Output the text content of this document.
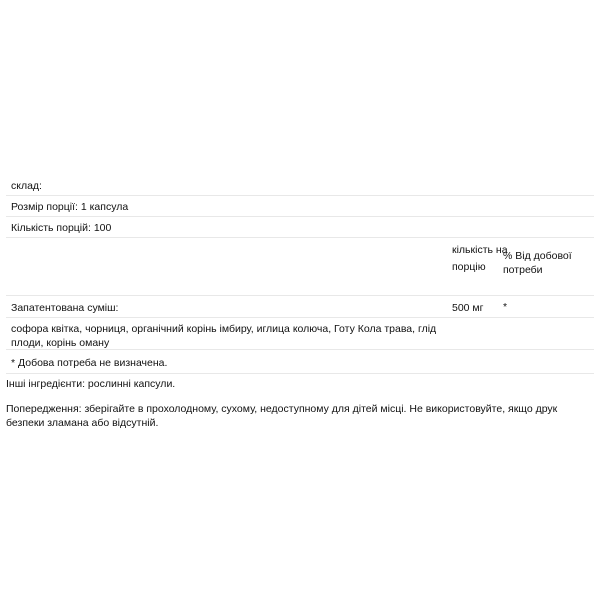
склад:
Розмір порції: 1 капсула
Кількість порцій: 100
кількість на порцію
% Від добової потреби
Запатентована суміш:	500 мг *
софора квітка, чорниця, органічний корінь імбиру, иглица колюча, Готу Кола трава, глід плоди, корінь оману
* Добова потреба не визначена.
Інші інгредієнти: рослинні капсули.
Попередження: зберігайте в прохолодному, сухому, недоступному для дітей місці. Не використовуйте, якщо друк безпеки зламана або відсутній.
